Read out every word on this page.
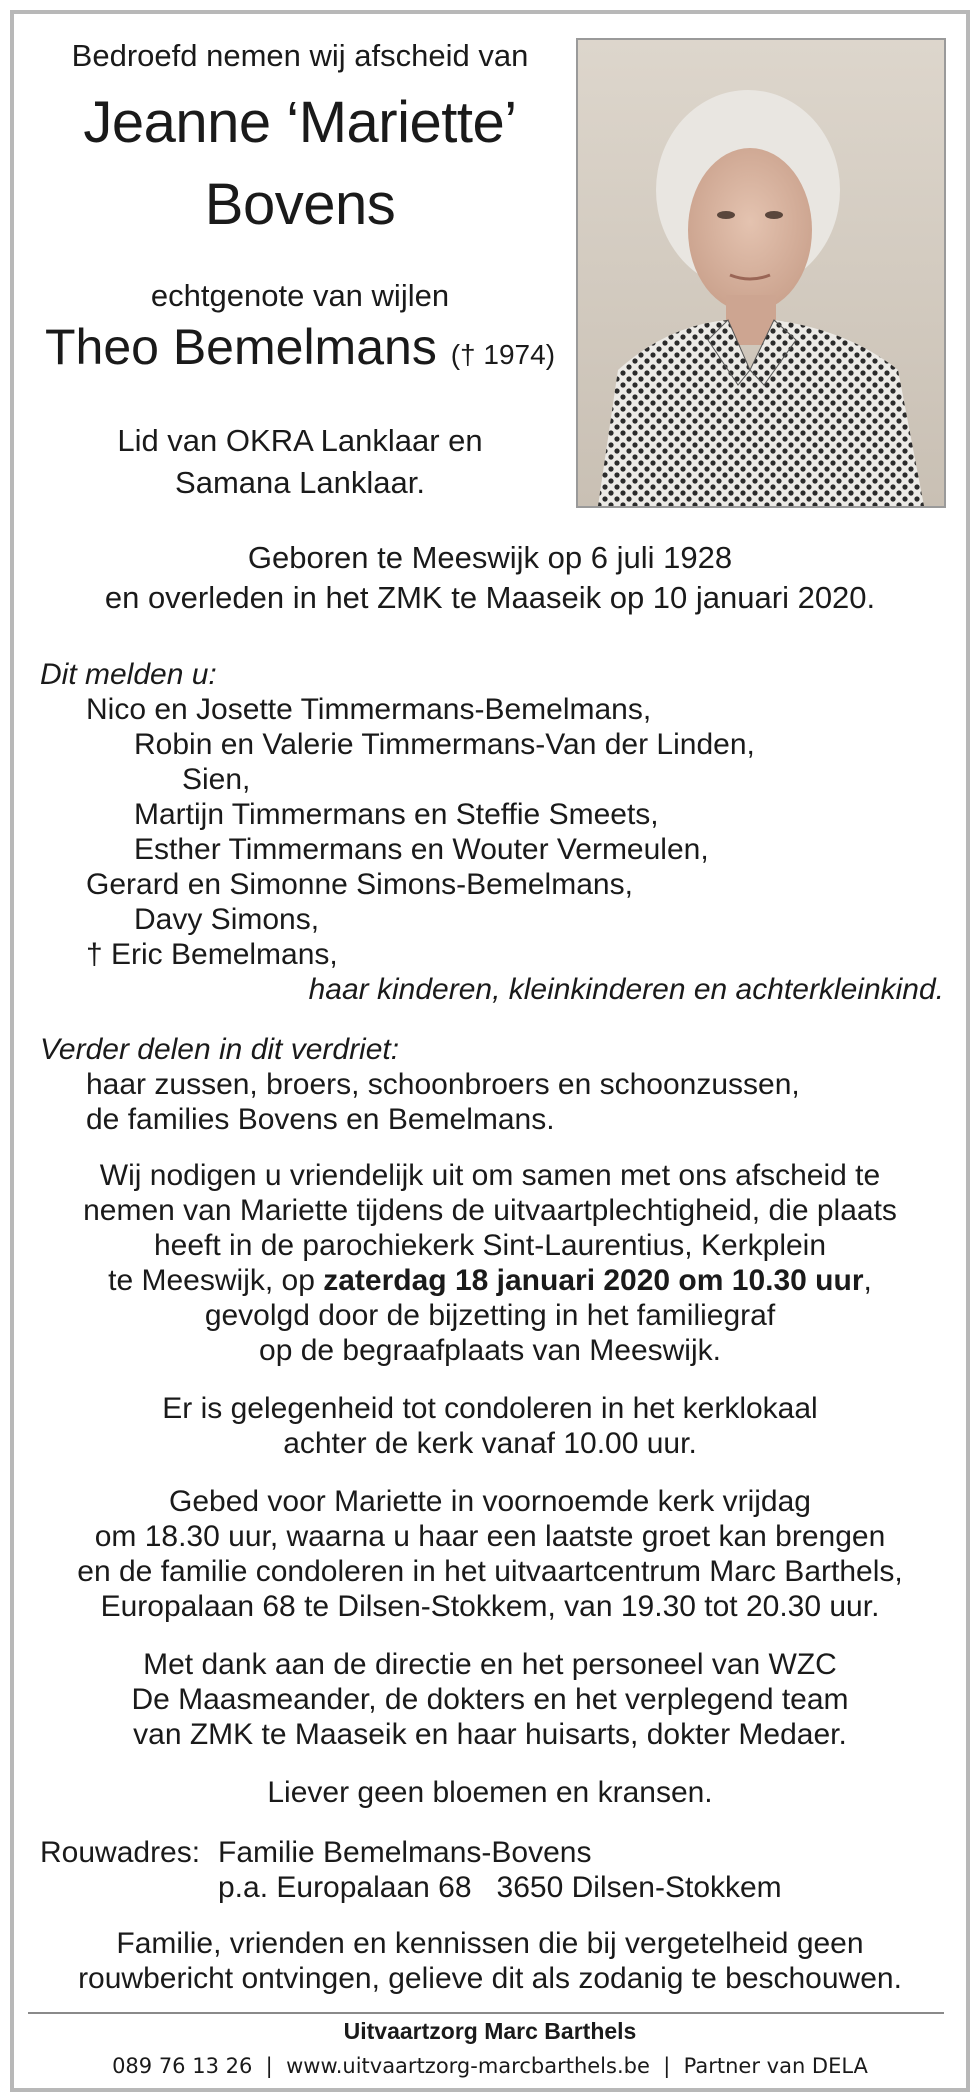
Bedroefd nemen wij afscheid van
Jeanne ‘Mariette’
Bovens
echtgenote van wijlen
Theo Bemelmans († 1974)
Lid van OKRA Lanklaar en
Samana Lanklaar.
Geboren te Meeswijk op 6 juli 1928
en overleden in het ZMK te Maaseik op 10 januari 2020.
Dit melden u:
Nico en Josette Timmermans-Bemelmans,
Robin en Valerie Timmermans-Van der Linden,
Sien,
Martijn Timmermans en Steffie Smeets,
Esther Timmermans en Wouter Vermeulen,
Gerard en Simonne Simons-Bemelmans,
Davy Simons,
† Eric Bemelmans,
haar kinderen, kleinkinderen en achterkleinkind.
Verder delen in dit verdriet:
haar zussen, broers, schoonbroers en schoonzussen,
de families Bovens en Bemelmans.
Wij nodigen u vriendelijk uit om samen met ons afscheid te
nemen van Mariette tijdens de uitvaartplechtigheid, die plaats
heeft in de parochiekerk Sint-Laurentius, Kerkplein
te Meeswijk, op zaterdag 18 januari 2020 om 10.30 uur,
gevolgd door de bijzetting in het familiegraf
op de begraafplaats van Meeswijk.
Er is gelegenheid tot condoleren in het kerklokaal
achter de kerk vanaf 10.00 uur.
Gebed voor Mariette in voornoemde kerk vrijdag
om 18.30 uur, waarna u haar een laatste groet kan brengen
en de familie condoleren in het uitvaartcentrum Marc Barthels,
Europalaan 68 te Dilsen-Stokkem, van 19.30 tot 20.30 uur.
Met dank aan de directie en het personeel van WZC
De Maasmeander, de dokters en het verplegend team
van ZMK te Maaseik en haar huisarts, dokter Medaer.
Liever geen bloemen en kransen.
Rouwadres: Familie Bemelmans-Bovens
p.a. Europalaan 68   3650 Dilsen-Stokkem
Familie, vrienden en kennissen die bij vergetelheid geen
rouwbericht ontvingen, gelieve dit als zodanig te beschouwen.
Uitvaartzorg Marc Barthels
089 76 13 26  |  www.uitvaartzorg-marcbarthels.be  |  Partner van DELA
